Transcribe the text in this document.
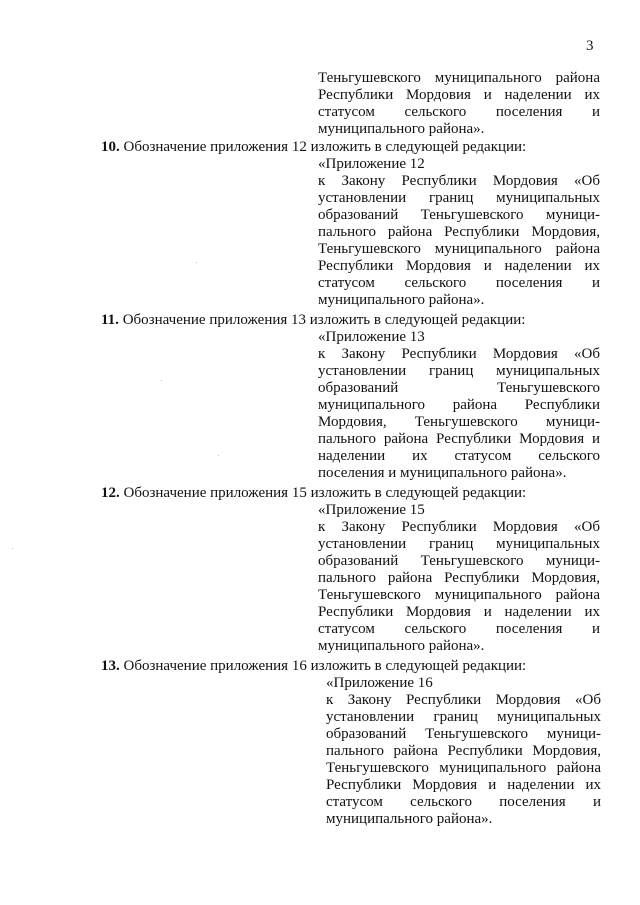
3
Теньгушевского муниципального района
Республики Мордовия и наделении их
статусом сельского поселения и
муниципального района».
10. Обозначение приложения 12 изложить в следующей редакции:
«Приложение 12
к Закону Республики Мордовия «Об
установлении границ муниципальных
образований Теньгушевского муници-
пального района Республики Мордовия,
Теньгушевского муниципального района
Республики Мордовия и наделении их
статусом сельского поселения и
муниципального района».
11. Обозначение приложения 13 изложить в следующей редакции:
«Приложение 13
к Закону Республики Мордовия «Об
установлении границ муниципальных
образований Теньгушевского
муниципального района Республики
Мордовия, Теньгушевского муници-
пального района Республики Мордовия и
наделении их статусом сельского
поселения и муниципального района».
12. Обозначение приложения 15 изложить в следующей редакции:
«Приложение 15
к Закону Республики Мордовия «Об
установлении границ муниципальных
образований Теньгушевского муници-
пального района Республики Мордовия,
Теньгушевского муниципального района
Республики Мордовия и наделении их
статусом сельского поселения и
муниципального района».
13. Обозначение приложения 16 изложить в следующей редакции:
«Приложение 16
к Закону Республики Мордовия «Об
установлении границ муниципальных
образований Теньгушевского муници-
пального района Республики Мордовия,
Теньгушевского муниципального района
Республики Мордовия и наделении их
статусом сельского поселения и
муниципального района».
